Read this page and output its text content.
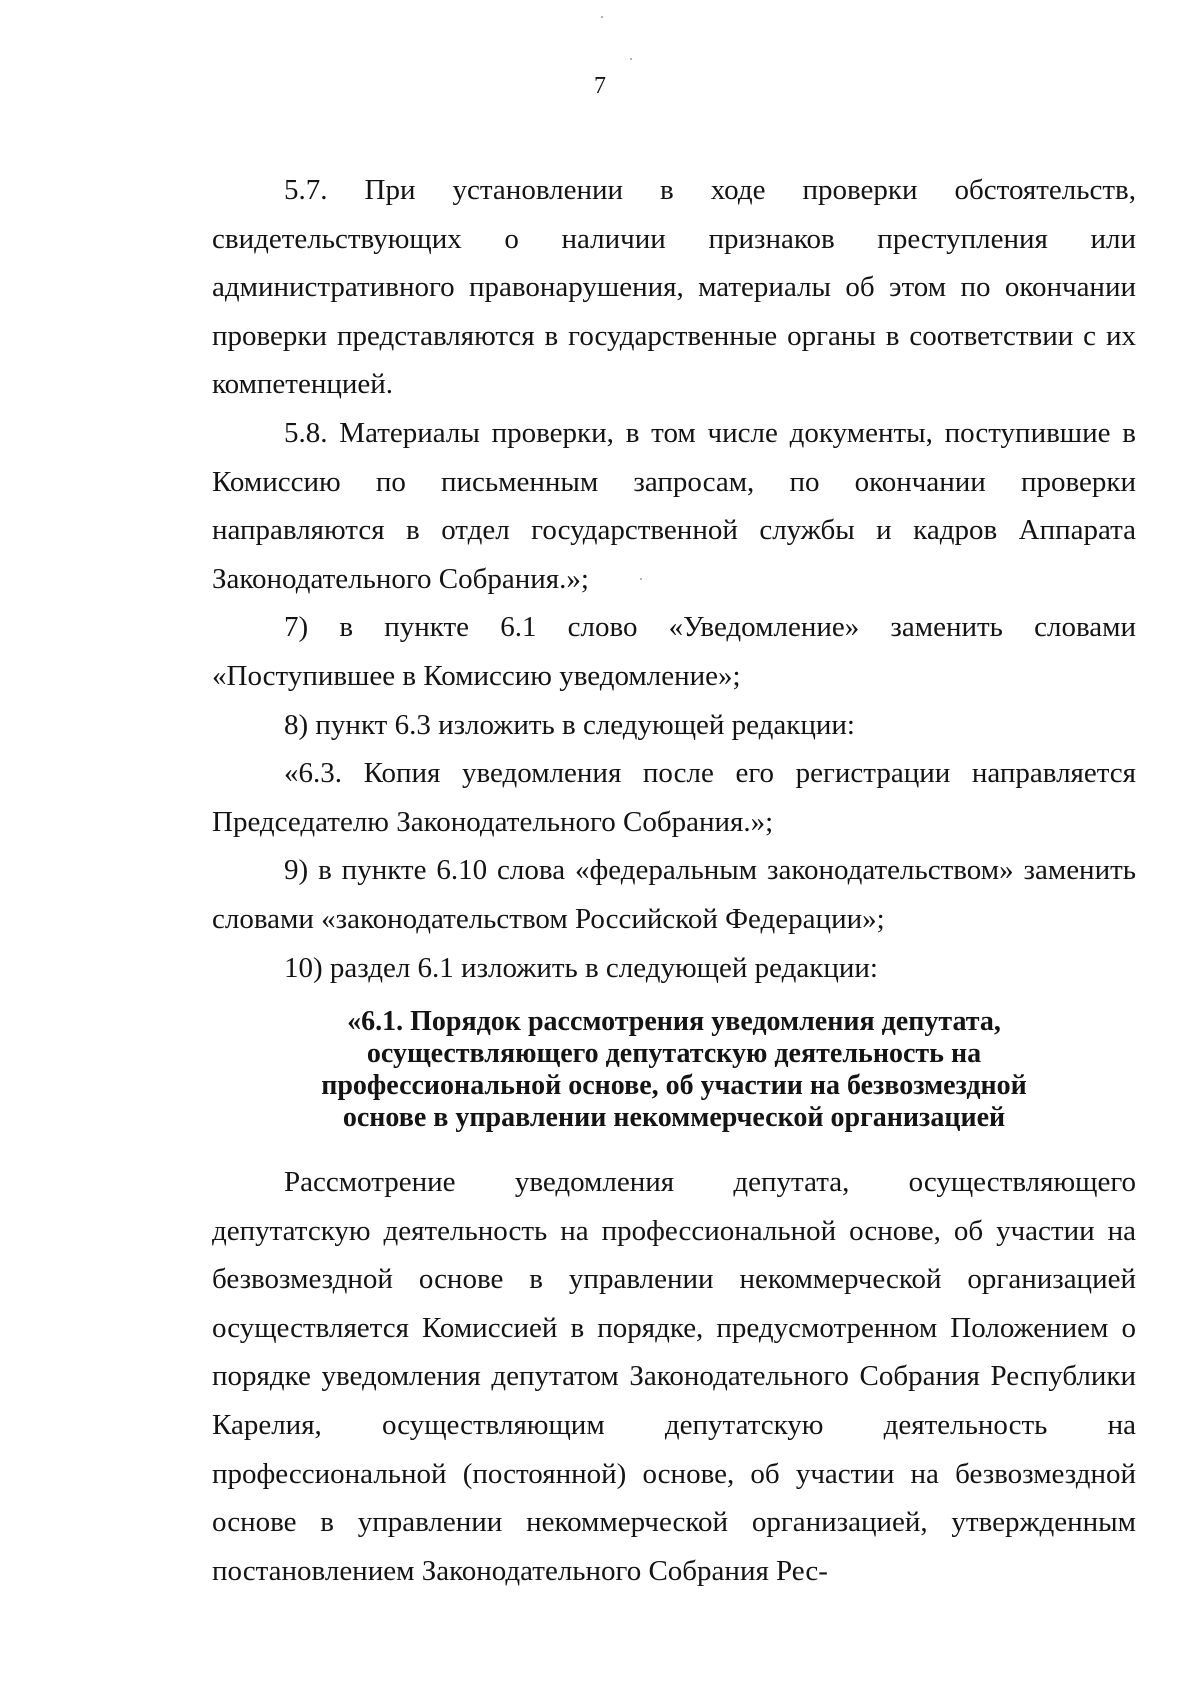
7

5.7. При установлении в ходе проверки обстоятельств, свидетельствующих о наличии признаков преступления или административного правонарушения, материалы об этом по окончании проверки представляются в государственные органы в соответствии с их компетенцией.

5.8. Материалы проверки, в том числе документы, поступившие в Комиссию по письменным запросам, по окончании проверки направляются в отдел государственной службы и кадров Аппарата Законодательного Собрания.»;

7) в пункте 6.1 слово «Уведомление» заменить словами «Поступившее в Комиссию уведомление»;

8) пункт 6.3 изложить в следующей редакции:

«6.3. Копия уведомления после его регистрации направляется Председателю Законодательного Собрания.»;

9) в пункте 6.10 слова «федеральным законодательством» заменить словами «законодательством Российской Федерации»;

10) раздел 6.1 изложить в следующей редакции:

«6.1. Порядок рассмотрения уведомления депутата,
осуществляющего депутатскую деятельность на
профессиональной основе, об участии на безвозмездной
основе в управлении некоммерческой организацией

Рассмотрение уведомления депутата, осуществляющего депутатскую деятельность на профессиональной основе, об участии на безвозмездной основе в управлении некоммерческой организацией осуществляется Комиссией в порядке, предусмотренном Положением о порядке уведомления депутатом Законодательного Собрания Республики Карелия, осуществляющим депутатскую деятельность на профессиональной (постоянной) основе, об участии на безвозмездной основе в управлении некоммерческой организацией, утвержденным постановлением Законодательного Собрания Рес-
